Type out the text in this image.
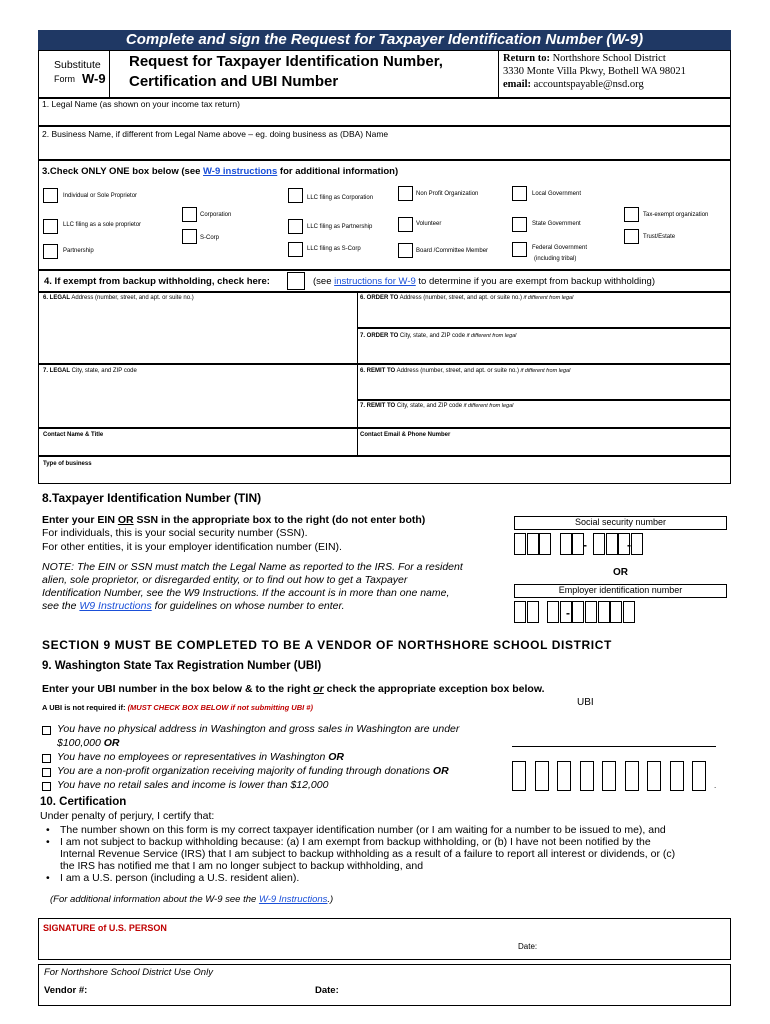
Complete and sign the Request for Taxpayer Identification Number (W-9)
Substitute
Form W-9
Request for Taxpayer Identification Number,
Certification and UBI Number
Return to: Northshore School District
3330 Monte Villa Pkwy, Bothell WA 98021
email: accountspayable@nsd.org
1. Legal Name (as shown on your income tax return)
2. Business Name, if different from Legal Name above – eg. doing business as (DBA) Name
3.Check ONLY ONE box below (see W-9 instructions for additional information)
Individual or Sole Proprietor
LLC filing as a sole proprietor
Partnership
Corporation
S-Corp
LLC filing as Corporation
LLC filing as Partnership
LLC filing as S-Corp
Non Profit Organization
Volunteer
Board /Committee Member
Local Government
State Government
Federal Government
(including tribal)
Tax-exempt organization
Trust/Estate
4. If exempt from backup withholding, check here:	(see instructions for W-9 to determine if you are exempt from backup withholding)
6. LEGAL Address (number, street, and apt. or suite no.)	6. ORDER TO Address (number, street, and apt. or suite no.) if different from legal
7. ORDER TO City, state, and ZIP code if different from legal
7. LEGAL City, state, and ZIP code	6. REMIT TO Address (number, street, and apt. or suite no.) if different from legal
7. REMIT TO City, state, and ZIP code if different from legal
Contact Name & Title	Contact Email & Phone Number
Type of business
8.Taxpayer Identification Number (TIN)
Enter your EIN OR SSN in the appropriate box to the right (do not enter both)
For individuals, this is your social security number (SSN).
For other entities, it is your employer identification number (EIN).
NOTE: The EIN or SSN must match the Legal Name as reported to the IRS. For a resident
alien, sole proprietor, or disregarded entity, or to find out how to get a Taxpayer
Identification Number, see the W9 Instructions. If the account is in more than one name,
see the W9 Instructions for guidelines on whose number to enter.
Social security number
-	-
OR
Employer identification number
-
SECTION 9 MUST BE COMPLETED TO BE A VENDOR OF NORTHSHORE SCHOOL DISTRICT
9. Washington State Tax Registration Number (UBI)
Enter your UBI number in the box below & to the right or check the appropriate exception box below.
A UBI is not required if: (MUST CHECK BOX BELOW if not submitting UBI #)	UBI
You have no physical address in Washington and gross sales in Washington are under
$100,000 OR
You have no employees or representatives in Washington OR
You are a non-profit organization receiving majority of funding through donations OR
You have no retail sales and income is lower than $12,000	.
10. Certification
Under penalty of perjury, I certify that:
• The number shown on this form is my correct taxpayer identification number (or I am waiting for a number to be issued to me), and
• I am not subject to backup withholding because: (a) I am exempt from backup withholding, or (b) I have not been notified by the
Internal Revenue Service (IRS) that I am subject to backup withholding as a result of a failure to report all interest or dividends, or (c)
the IRS has notified me that I am no longer subject to backup withholding, and
• I am a U.S. person (including a U.S. resident alien).
(For additional information about the W-9 see the W-9 Instructions.)
SIGNATURE of U.S. PERSON
Date:
For Northshore School District Use Only
Vendor #:	Date:
